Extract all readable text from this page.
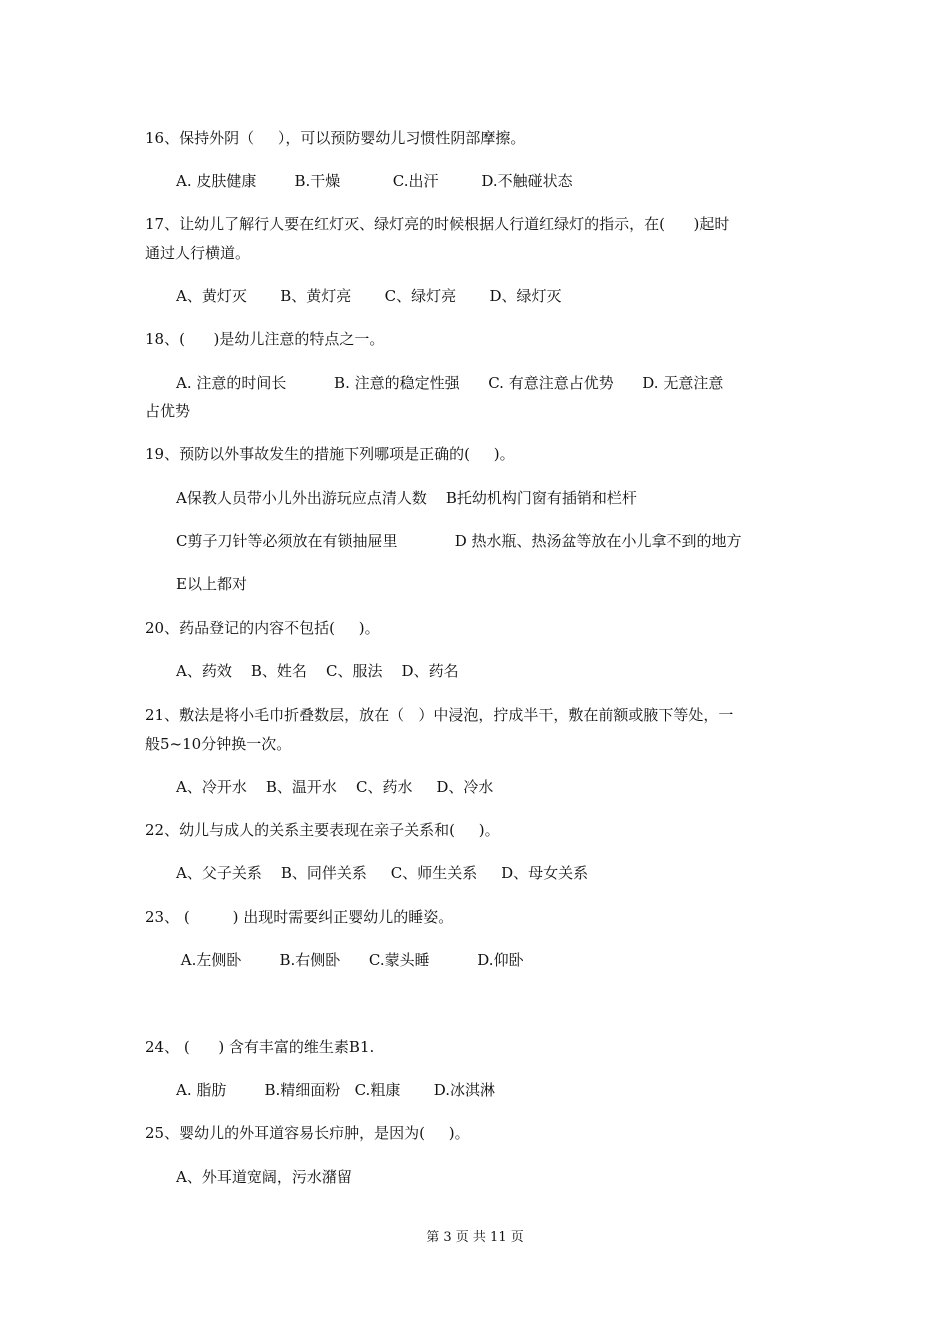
16、保持外阴（     ），可以预防婴幼儿习惯性阴部摩擦。
A. 皮肤健康        B.干燥           C.出汗         D.不触碰状态
17、让幼儿了解行人要在红灯灭、绿灯亮的时候根据人行道红绿灯的指示，在(      )起时
通过人行横道。
A、黄灯灭       B、黄灯亮       C、绿灯亮       D、绿灯灭
18、(      )是幼儿注意的特点之一。
A. 注意的时间长          B. 注意的稳定性强      C. 有意注意占优势      D. 无意注意
占优势
19、预防以外事故发生的措施下列哪项是正确的(     )。
A保教人员带小儿外出游玩应点清人数    B托幼机构门窗有插销和栏杆
C剪子刀针等必须放在有锁抽屉里            D 热水瓶、热汤盆等放在小儿拿不到的地方
E以上都对
20、药品登记的内容不包括(     )。
A、药效    B、姓名    C、服法    D、药名
21、敷法是将小毛巾折叠数层，放在（   ）中浸泡，拧成半干，敷在前额或腋下等处，一
般5~10分钟换一次。
A、冷开水    B、温开水    C、药水     D、冷水
22、幼儿与成人的关系主要表现在亲子关系和(     )。
A、父子关系    B、同伴关系     C、师生关系     D、母女关系
23、 (         ) 出现时需要纠正婴幼儿的睡姿。
A.左侧卧        B.右侧卧      C.蒙头睡          D.仰卧
24、 (      ) 含有丰富的维生素B1.
A. 脂肪        B.精细面粉   C.粗康       D.冰淇淋
25、婴幼儿的外耳道容易长疖肿，是因为(     )。
A、外耳道宽阔，污水潴留
第 3 页 共 11 页
